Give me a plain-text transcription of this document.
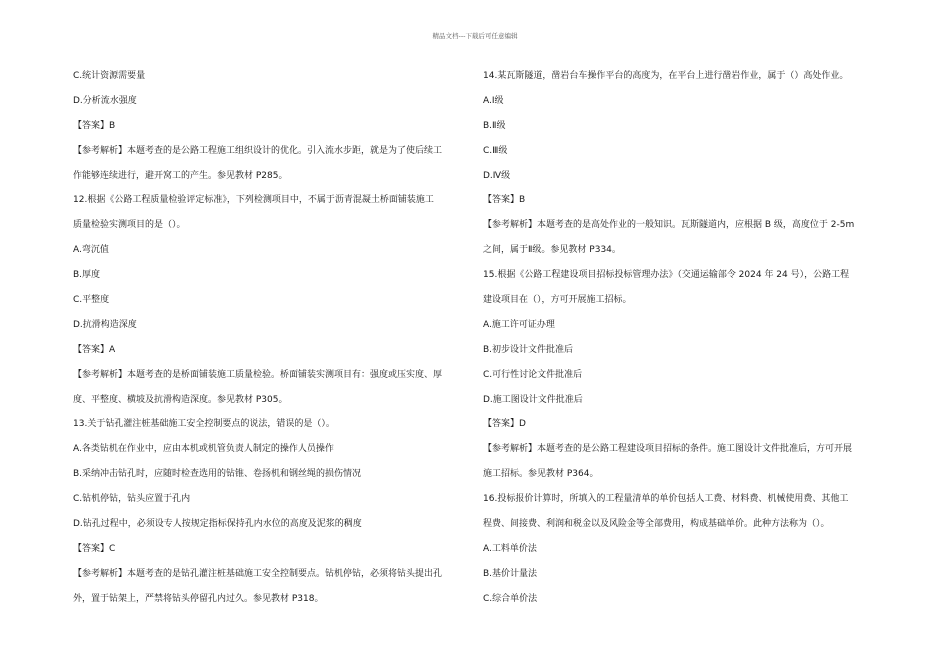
精品文档---下载后可任意编辑
C.统计资源需要量
D.分析流水强度
【答案】B
【参考解析】本题考查的是公路工程施工组织设计的优化。引入流水步距，就是为了使后续工
作能够连续进行，避开窝工的产生。参见教材 P285。
12.根据《公路工程质量检验评定标准》，下列检测项目中，不属于沥青混凝土桥面铺装施工
质量检验实测项目的是（）。
A.弯沉值
B.厚度
C.平整度
D.抗滑构造深度
【答案】A
【参考解析】本题考查的是桥面铺装施工质量检验。桥面铺装实测项目有：强度或压实度、厚
度、平整度、横坡及抗滑构造深度。参见教材 P305。
13.关于钻孔灌注桩基础施工安全控制要点的说法，错误的是（）。
A.各类钻机在作业中，应由本机或机管负责人制定的操作人员操作
B.采纳冲击钻孔时，应随时检查选用的钻锥、卷扬机和钢丝绳的损伤情况
C.钻机停钻，钻头应置于孔内
D.钻孔过程中，必须设专人按规定指标保持孔内水位的高度及泥浆的稠度
【答案】C
【参考解析】本题考查的是钻孔灌注桩基础施工安全控制要点。钻机停钻，必须将钻头提出孔
外，置于钻架上，严禁将钻头停留孔内过久。参见教材 P318。
14.某瓦斯隧道，凿岩台车操作平台的高度为，在平台上进行凿岩作业，属于（）高处作业。
A.Ⅰ级
B.Ⅱ级
C.Ⅲ级
D.Ⅳ级
【答案】B
【参考解析】本题考查的是高处作业的一般知识。瓦斯隧道内，应根据 B 级，高度位于 2-5m
之间，属于Ⅱ级。参见教材 P334。
15.根据《公路工程建设项目招标投标管理办法》（交通运输部令 2024 年 24 号），公路工程
建设项目在（），方可开展施工招标。
A.施工许可证办理
B.初步设计文件批准后
C.可行性讨论文件批准后
D.施工图设计文件批准后
【答案】D
【参考解析】本题考查的是公路工程建设项目招标的条件。施工图设计文件批准后，方可开展
施工招标。参见教材 P364。
16.投标报价计算时，所填入的工程量清单的单价包括人工费、材料费、机械使用费、其他工
程费、间接费、利润和税金以及风险金等全部费用，构成基础单价。此种方法称为（）。
A.工料单价法
B.基价计量法
C.综合单价法
